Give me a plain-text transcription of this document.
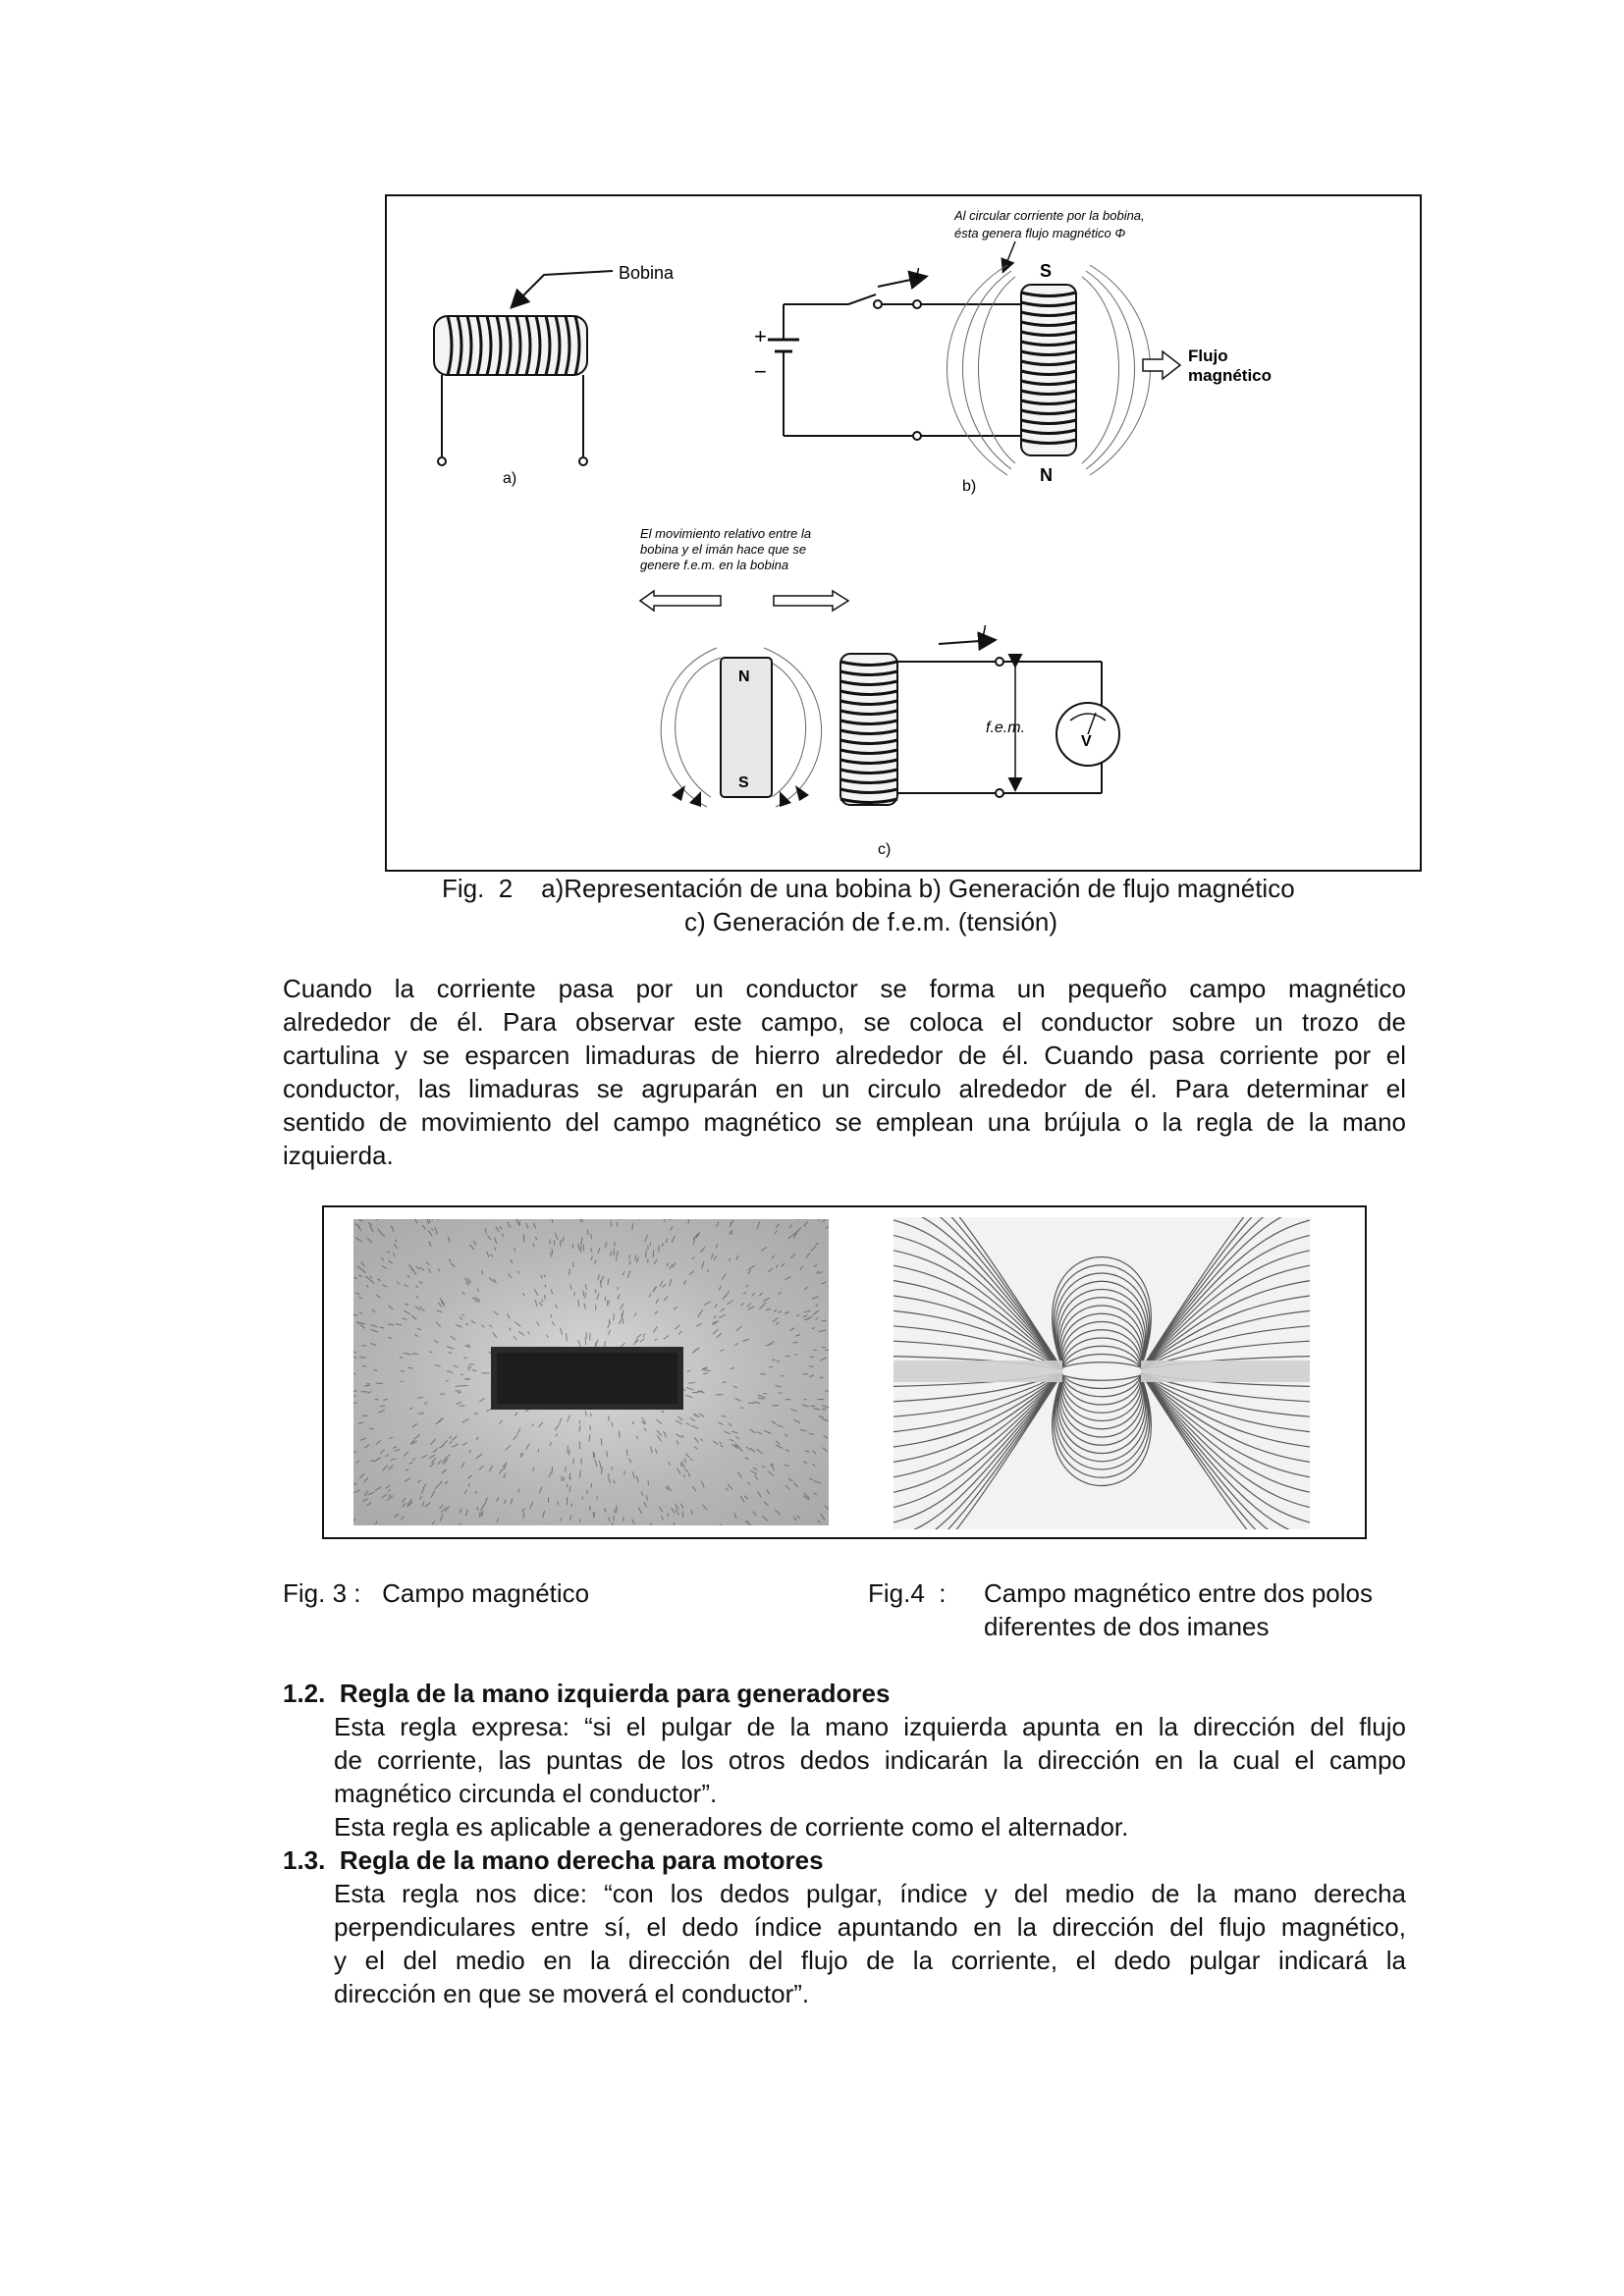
Bobina
a)
Al circular corriente por la bobina,
ésta genera flujo magnético Φ
+
−
I	S
N
Flujo
magnético
b)
El movimiento relativo entre la
bobina y el imán hace que se
genere f.e.m. en la bobina
N
S
I
f.e.m.
V
c)
Fig.  2    a)Representación de una bobina b) Generación de flujo magnético
c) Generación de f.e.m. (tensión)
Cuando la corriente pasa por un conductor se forma un pequeño campo magnético
alrededor de él. Para observar este campo, se coloca el conductor sobre un trozo de
cartulina y se esparcen limaduras de hierro alrededor de él. Cuando pasa corriente por el
conductor, las limaduras se agruparán en un circulo alrededor de él. Para determinar el
sentido de movimiento del campo magnético se emplean una brújula o la regla de la mano
izquierda.
Fig. 3 :   Campo magnético	Fig.4  : Campo magnético entre dos polos
diferentes de dos imanes
1.2.  Regla de la mano izquierda para generadores
Esta regla expresa: “si el pulgar de la mano izquierda apunta en la dirección del flujo
de corriente, las puntas de los otros dedos indicarán la dirección en la cual el campo
magnético circunda el conductor”.
Esta regla es aplicable a generadores de corriente como el alternador.
1.3.  Regla de la mano derecha para motores
Esta regla nos dice: “con los dedos pulgar, índice y del medio de la mano derecha
perpendiculares entre sí, el dedo índice apuntando en la dirección del flujo magnético,
y el del medio en la dirección del flujo de la corriente, el dedo pulgar indicará la
dirección en que se moverá el conductor”.
